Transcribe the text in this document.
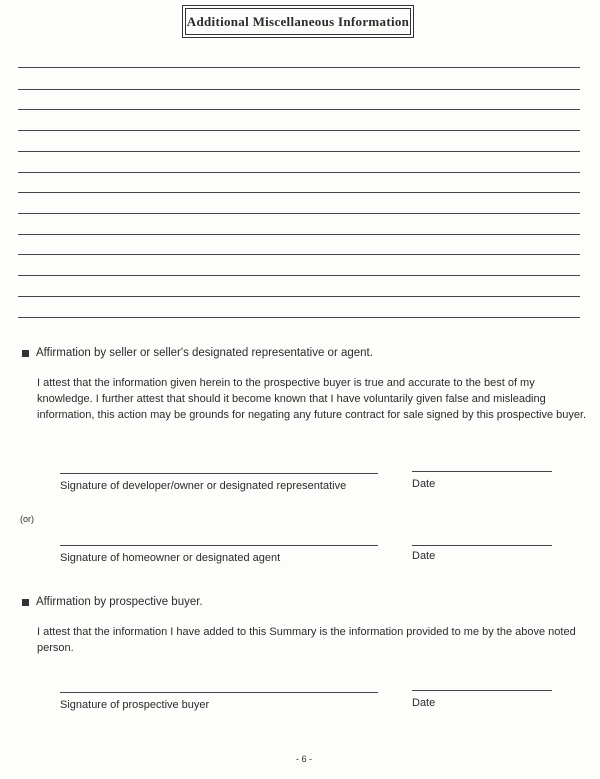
Additional Miscellaneous Information
Affirmation by seller or seller's designated representative or agent.
I attest that the information given herein to the prospective buyer is true and accurate to the best of my knowledge. I further attest that should it become known that I have voluntarily given false and misleading information, this action may be grounds for negating any future contract for sale signed by this prospective buyer.
Signature of developer/owner or designated representative	Date
(or)
Signature of homeowner or designated agent	Date
Affirmation by prospective buyer.
I attest that the information I have added to this Summary is the information provided to me by the above noted person.
Signature of prospective buyer	Date
- 6 -
